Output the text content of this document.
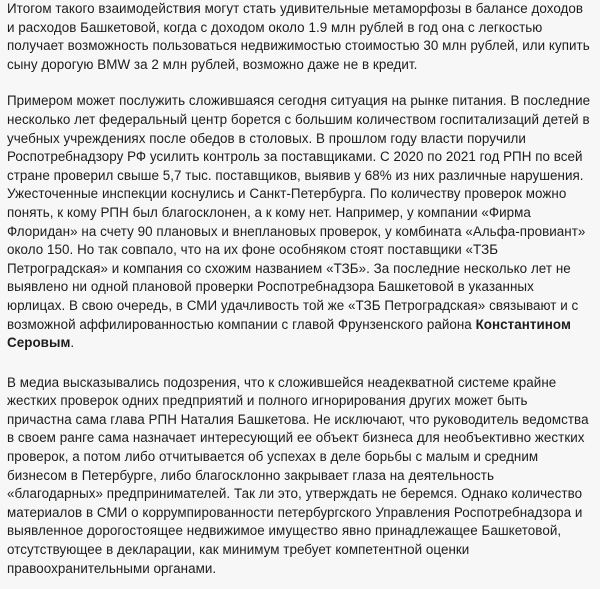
Итогом такого взаимодействия могут стать удивительные метаморфозы в балансе доходов и расходов Башкетовой, когда с доходом около 1.9 млн рублей в год она с легкостью получает возможность пользоваться недвижимостью стоимостью 30 млн рублей, или купить сыну дорогую BMW за 2 млн рублей, возможно даже не в кредит.

Примером может послужить сложившаяся сегодня ситуация на рынке питания. В последние несколько лет федеральный центр борется с большим количеством госпитализаций детей в учебных учреждениях после обедов в столовых. В прошлом году власти поручили Роспотребнадзору РФ усилить контроль за поставщиками. С 2020 по 2021 год РПН по всей стране проверил свыше 5,7 тыс. поставщиков, выявив у 68% из них различные нарушения. Ужесточенные инспекции коснулись и Санкт-Петербурга. По количеству проверок можно понять, к кому РПН был благосклонен, а к кому нет. Например, у компании «Фирма Флоридан» на счету 90 плановых и внеплановых проверок, у комбината «Альфа-провиант» около 150. Но так совпало, что на их фоне особняком стоят поставщики «ТЗБ Петроградская» и компания со схожим названием «ТЗБ». За последние несколько лет не выявлено ни одной плановой проверки Роспотребнадзора Башкетовой в указанных юрлицах. В свою очередь, в СМИ удачливость той же «ТЗБ Петроградская» связывают и с возможной аффилированностью компании с главой Фрунзенского района Константином Серовым.

В медиа высказывались подозрения, что к сложившейся неадекватной системе крайне жестких проверок одних предприятий и полного игнорирования других может быть причастна сама глава РПН Наталия Башкетова. Не исключают, что руководитель ведомства в своем ранге сама назначает интересующий ее объект бизнеса для необъективно жестких проверок, а потом либо отчитывается об успехах в деле борьбы с малым и средним бизнесом в Петербурге, либо благосклонно закрывает глаза на деятельность «благодарных» предпринимателей. Так ли это, утверждать не беремся. Однако количество материалов в СМИ о коррумпированности петербургского Управления Роспотребнадзора и выявленное дорогостоящее недвижимое имущество явно принадлежащее Башкетовой, отсутствующее в декларации, как минимум требует компетентной оценки правоохранительными органами.
